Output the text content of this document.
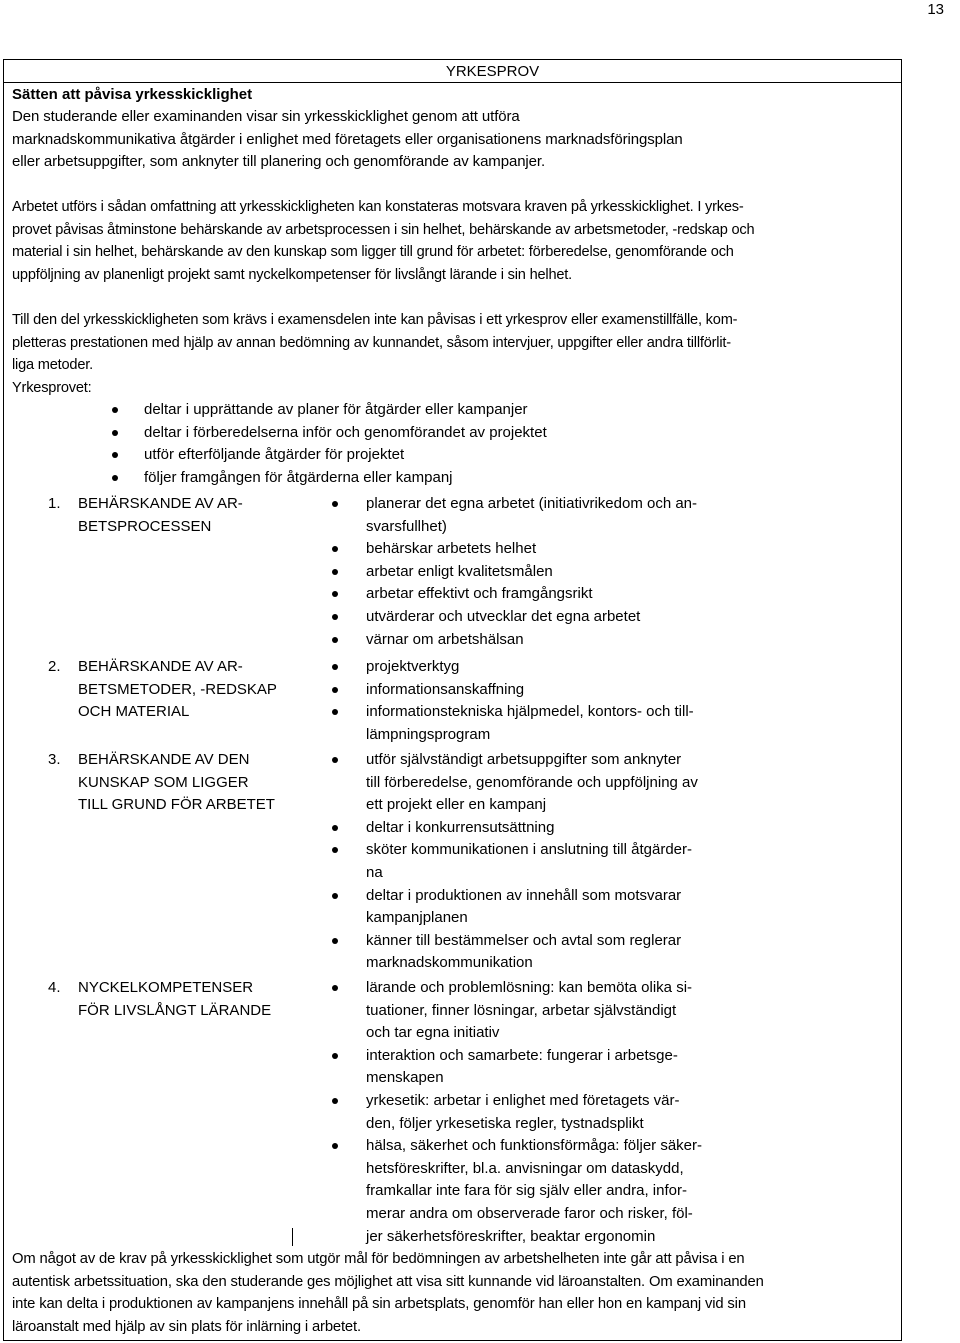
13
YRKESPROV
Sätten att påvisa yrkesskicklighet
Den studerande eller examinanden visar sin yrkesskicklighet genom att utföra
marknadskommunikativa åtgärder i enlighet med företagets eller organisationens marknadsföringsplan
eller arbetsuppgifter, som anknyter till planering och genomförande av kampanjer.
Arbetet utförs i sådan omfattning att yrkesskickligheten kan konstateras motsvara kraven på yrkesskicklighet. I yrkes-
provet påvisas åtminstone behärskande av arbetsprocessen i sin helhet, behärskande av arbetsmetoder, -redskap och
material i sin helhet, behärskande av den kunskap som ligger till grund för arbetet: förberedelse, genomförande och
uppföljning av planenligt projekt samt nyckelkompetenser för livslångt lärande i sin helhet.
Till den del yrkesskickligheten som krävs i examensdelen inte kan påvisas i ett yrkesprov eller examenstillfälle, kom-
pletteras prestationen med hjälp av annan bedömning av kunnandet, såsom intervjuer, uppgifter eller andra tillförlit-
liga metoder.
Yrkesprovet:
deltar i upprättande av planer för åtgärder eller kampanjer
deltar i förberedelserna inför och genomförandet av projektet
utför efterföljande åtgärder för projektet
följer framgången för åtgärderna eller kampanj
1.	BEHÄRSKANDE AV AR-
BETSPROCESSEN
planerar det egna arbetet (initiativrikedom och an-
svarsfullhet)
behärskar arbetets helhet
arbetar enligt kvalitetsmålen
arbetar effektivt och framgångsrikt
utvärderar och utvecklar det egna arbetet
värnar om arbetshälsan
2.	BEHÄRSKANDE AV AR-
BETSMETODER, -REDSKAP
OCH MATERIAL
projektverktyg
informationsanskaffning
informationstekniska hjälpmedel, kontors- och till-
lämpningsprogram
3.	BEHÄRSKANDE AV DEN
KUNSKAP SOM LIGGER
TILL GRUND FÖR ARBETET
utför självständigt arbetsuppgifter som anknyter
till förberedelse, genomförande och uppföljning av
ett projekt eller en kampanj
deltar i konkurrensutsättning
sköter kommunikationen i anslutning till åtgärder-
na
deltar i produktionen av innehåll som motsvarar
kampanjplanen
känner till bestämmelser och avtal som reglerar
marknadskommunikation
4.	NYCKELKOMPETENSER
FÖR LIVSLÅNGT LÄRANDE
lärande och problemlösning: kan bemöta olika si-
tuationer, finner lösningar, arbetar självständigt
och tar egna initiativ
interaktion och samarbete: fungerar i arbetsge-
menskapen
yrkesetik: arbetar i enlighet med företagets vär-
den, följer yrkesetiska regler, tystnadsplikt
hälsa, säkerhet och funktionsförmåga: följer säker-
hetsföreskrifter, bl.a. anvisningar om dataskydd,
framkallar inte fara för sig själv eller andra, infor-
merar andra om observerade faror och risker, föl-
jer säkerhetsföreskrifter, beaktar ergonomin
Om något av de krav på yrkesskicklighet som utgör mål för bedömningen av arbetshelheten inte går att påvisa i en
autentisk arbetssituation, ska den studerande ges möjlighet att visa sitt kunnande vid läroanstalten. Om examinanden
inte kan delta i produktionen av kampanjens innehåll på sin arbetsplats, genomför han eller hon en kampanj vid sin
läroanstalt med hjälp av sin plats för inlärning i arbetet.
